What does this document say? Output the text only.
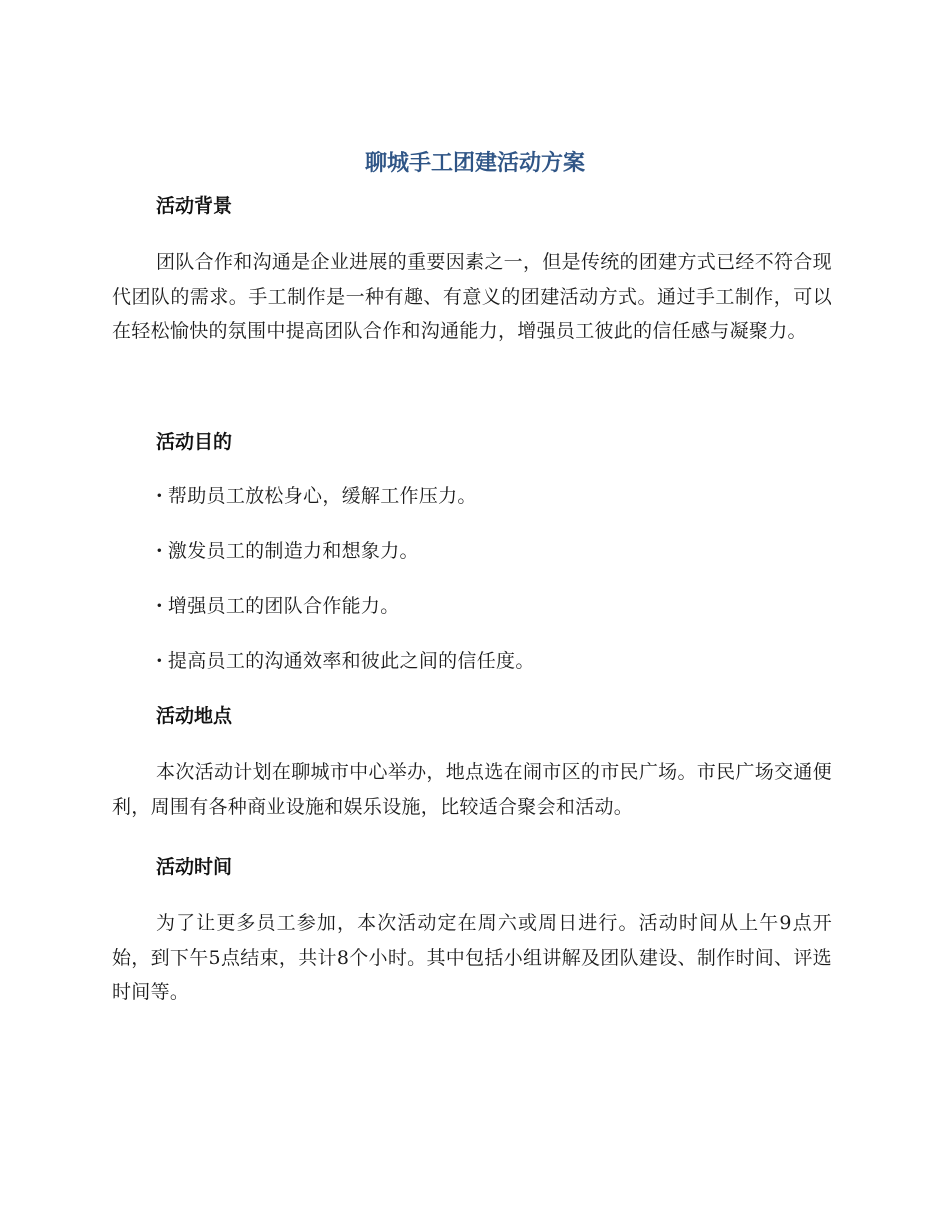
聊城手工团建活动方案
活动背景
团队合作和沟通是企业进展的重要因素之一，但是传统的团建方式已经不符合现代团队的需求。手工制作是一种有趣、有意义的团建活动方式。通过手工制作，可以在轻松愉快的氛围中提高团队合作和沟通能力，增强员工彼此的信任感与凝聚力。
活动目的
· 帮助员工放松身心，缓解工作压力。
· 激发员工的制造力和想象力。
· 增强员工的团队合作能力。
· 提高员工的沟通效率和彼此之间的信任度。
活动地点
本次活动计划在聊城市中心举办，地点选在闹市区的市民广场。市民广场交通便利，周围有各种商业设施和娱乐设施，比较适合聚会和活动。
活动时间
为了让更多员工参加，本次活动定在周六或周日进行。活动时间从上午9点开始，到下午5点结束，共计8个小时。其中包括小组讲解及团队建设、制作时间、评选时间等。
